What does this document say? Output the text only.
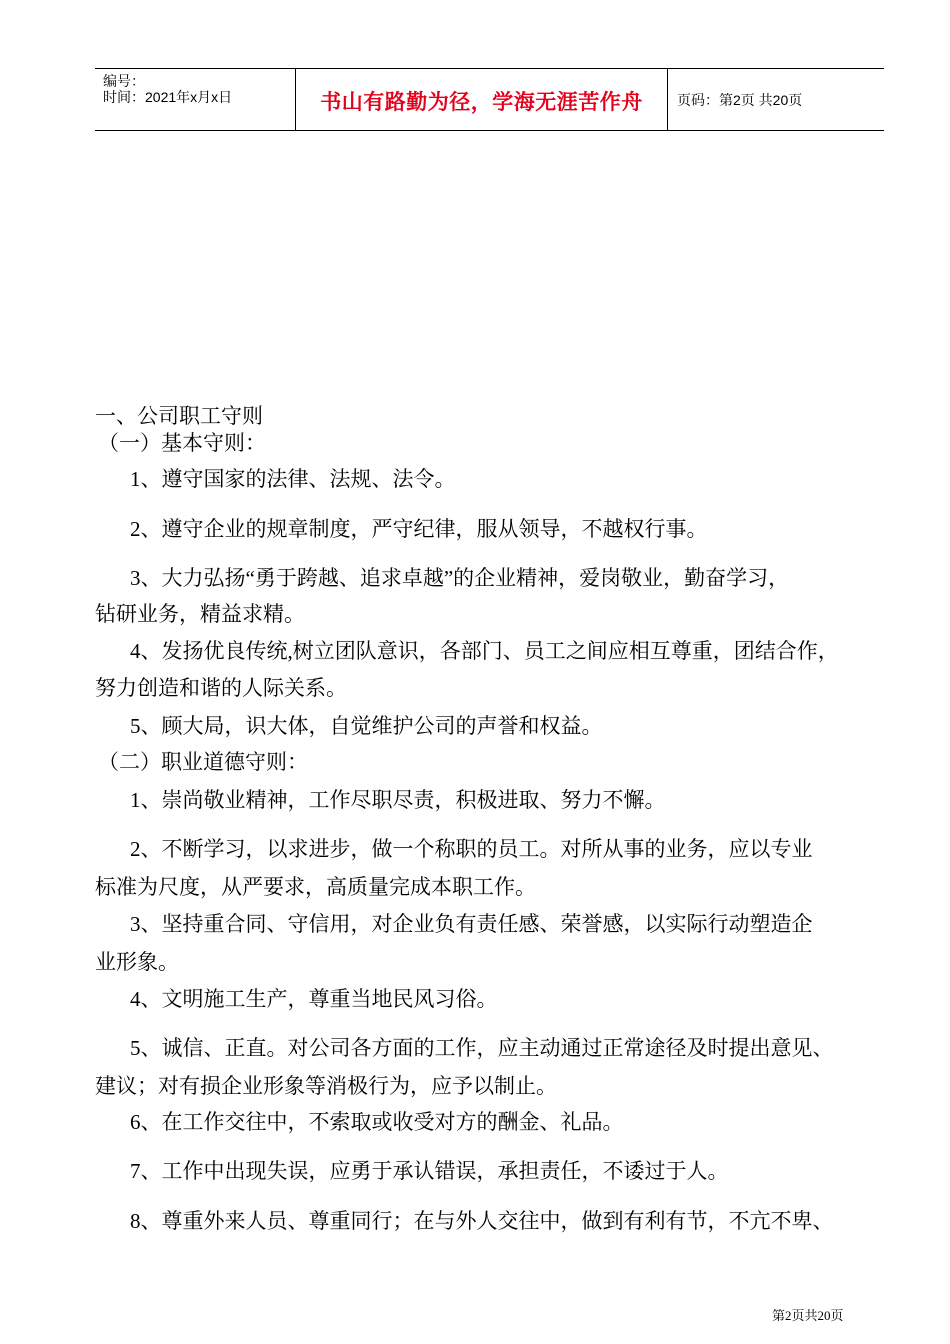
编号：
时间：2021年x月x日	书山有路勤为径，学海无涯苦作舟	页码：第2页 共20页
一、公司职工守则
（一）基本守则：
1、遵守国家的法律、法规、法令。
2、遵守企业的规章制度，严守纪律，服从领导，不越权行事。
3、大力弘扬“勇于跨越、追求卓越”的企业精神，爱岗敬业，勤奋学习，
钻研业务，精益求精。
4、发扬优良传统,树立团队意识，各部门、员工之间应相互尊重，团结合作，
努力创造和谐的人际关系。
5、顾大局，识大体，自觉维护公司的声誉和权益。
（二）职业道德守则：
1、崇尚敬业精神，工作尽职尽责，积极进取、努力不懈。
2、不断学习，以求进步，做一个称职的员工。对所从事的业务，应以专业
标准为尺度，从严要求，高质量完成本职工作。
3、坚持重合同、守信用，对企业负有责任感、荣誉感，以实际行动塑造企
业形象。
4、文明施工生产，尊重当地民风习俗。
5、诚信、正直。对公司各方面的工作，应主动通过正常途径及时提出意见、
建议；对有损企业形象等消极行为，应予以制止。
6、在工作交往中，不索取或收受对方的酬金、礼品。
7、工作中出现失误，应勇于承认错误，承担责任，不诿过于人。
8、尊重外来人员、尊重同行；在与外人交往中，做到有利有节，不亢不卑、
第2页共20页
